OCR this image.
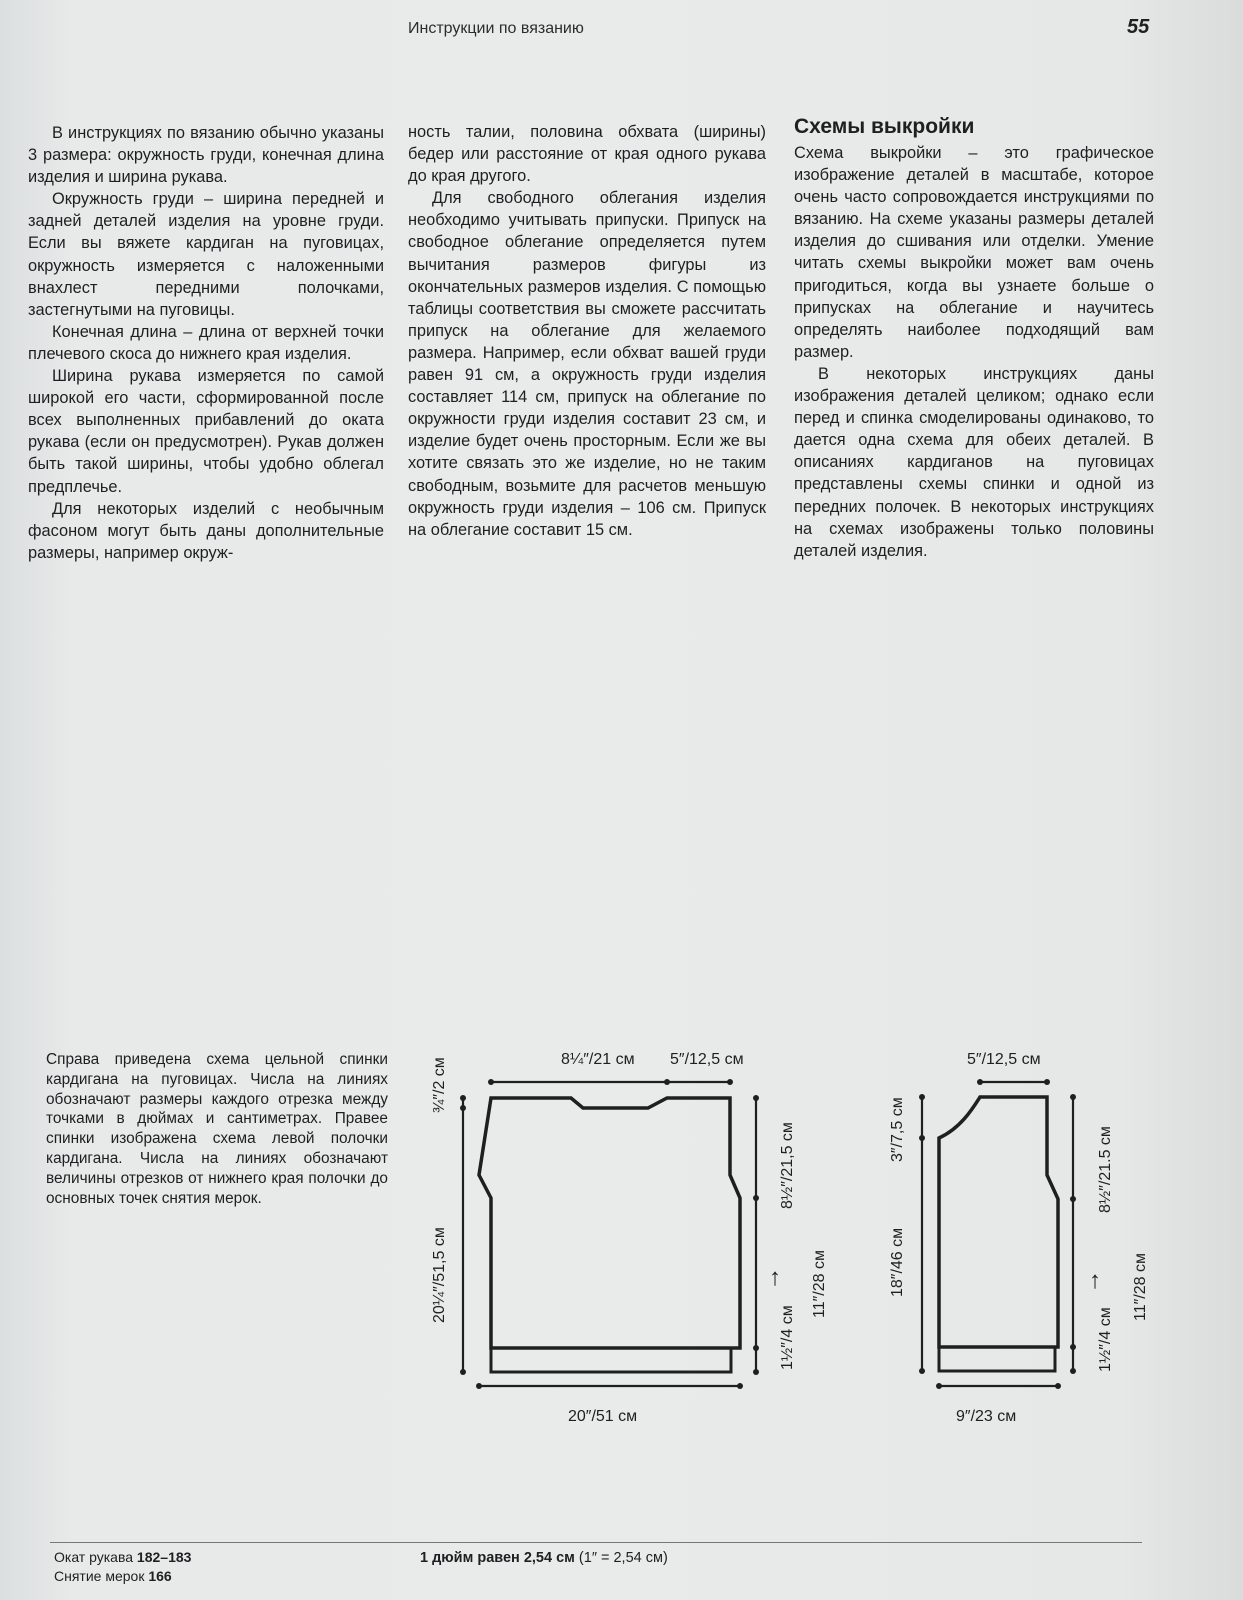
Инструкции по вязанию	55

В инструкциях по вязанию обычно указаны 3 размера: окружность груди, конечная длина изделия и ширина рукава.

Окружность груди – ширина передней и задней деталей изделия на уровне груди. Если вы вяжете кардиган на пуговицах, окружность измеряется с наложенными внахлест передними полочками, застегнутыми на пуговицы.

Конечная длина – длина от верхней точки плечевого скоса до нижнего края изделия.

Ширина рукава измеряется по самой широкой его части, сформированной после всех выполненных прибавлений до оката рукава (если он предусмотрен). Рукав должен быть такой ширины, чтобы удобно облегал предплечье.

Для некоторых изделий с необычным фасоном могут быть даны дополнительные размеры, например окруж-

ность талии, половина обхвата (ширины) бедер или расстояние от края одного рукава до края другого.

Для свободного облегания изделия необходимо учитывать припуски. Припуск на свободное облегание определяется путем вычитания размеров фигуры из окончательных размеров изделия. С помощью таблицы соответствия вы сможете рассчитать припуск на облегание для желаемого размера. Например, если обхват вашей груди равен 91 см, а окружность груди изделия составляет 114 см, припуск на облегание по окружности груди изделия составит 23 см, и изделие будет очень просторным. Если же вы хотите связать это же изделие, но не таким свободным, возьмите для расчетов меньшую окружность груди изделия – 106 см. Припуск на облегание составит 15 см.

Схемы выкройки

Схема выкройки – это графическое изображение деталей в масштабе, которое очень часто сопровождается инструкциями по вязанию. На схеме указаны размеры деталей изделия до сшивания или отделки. Умение читать схемы выкройки может вам очень пригодиться, когда вы узнаете больше о припусках на облегание и научитесь определять наиболее подходящий вам размер.

В некоторых инструкциях даны изображения деталей целиком; однако если перед и спинка смоделированы одинаково, то дается одна схема для обеих деталей. В описаниях кардиганов на пуговицах представлены схемы спинки и одной из передних полочек. В некоторых инструкциях на схемах изображены только половины деталей изделия.

Справа приведена схема цельной спинки кардигана на пуговицах. Числа на линиях обозначают размеры каждого отрезка между точками в дюймах и сантиметрах. Правее спинки изображена схема левой полочки кардигана. Числа на линиях обозначают величины отрезков от нижнего края полочки до основных точек снятия мерок.

8¼″/21 см 5″/12,5 см
20″/51 см
¾″/2 см
20¼″/51,5 см
8½″/21,5 см
11″/28 см
1½″/4 см
↑
5″/12,5 см
9″/23 см
3″/7,5 см
18″/46 см
8½″/21.5 см
11″/28 см
1½″/4 см
↑
Окат рукава 182–183
Снятие мерок 166
1 дюйм равен 2,54 см (1″ = 2,54 см)
